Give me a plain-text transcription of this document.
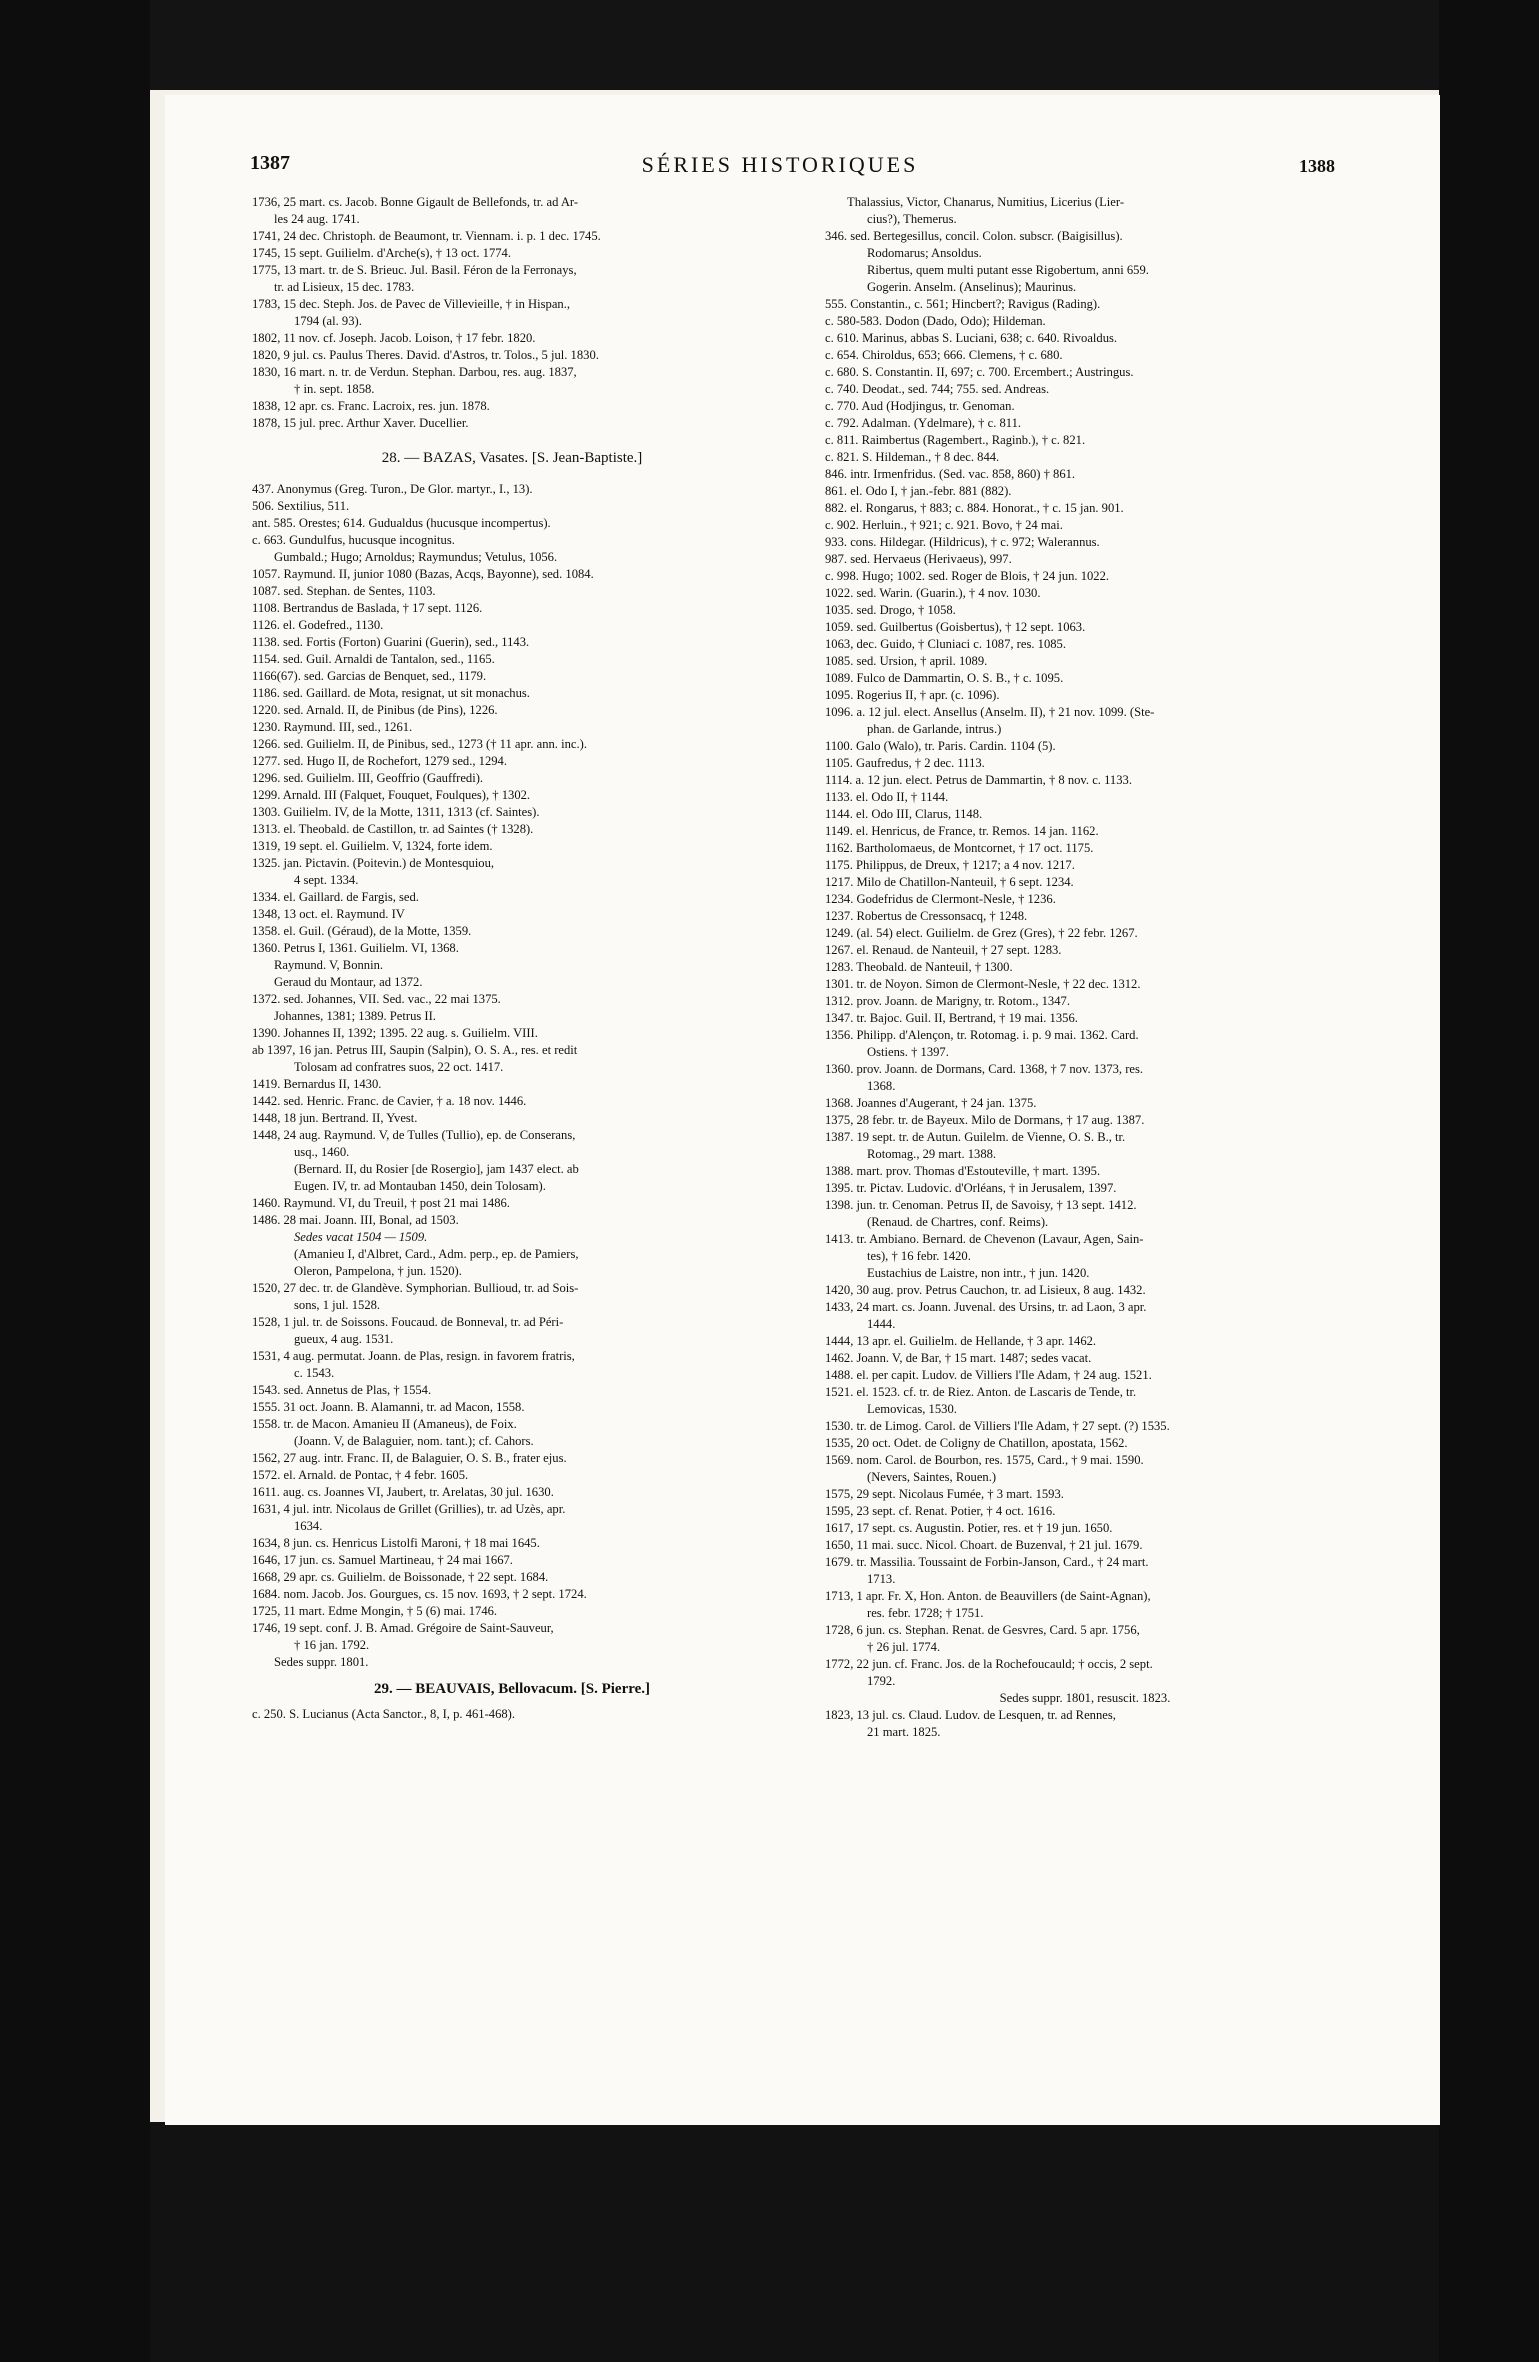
1387	SÉRIES HISTORIQUES	1388
1736, 25 mart. cs. Jacob. Bonne Gigault de Bellefonds, tr. ad Ar-
les 24 aug. 1741.
1741, 24 dec. Christoph. de Beaumont, tr. Viennam. i. p. 1 dec. 1745.
1745, 15 sept. Guilielm. d'Arche(s), † 13 oct. 1774.
1775, 13 mart. tr. de S. Brieuc. Jul. Basil. Féron de la Ferronays,
tr. ad Lisieux, 15 dec. 1783.
1783, 15 dec. Steph. Jos. de Pavec de Villevieille, † in Hispan.,
1794 (al. 93).
1802, 11 nov. cf. Joseph. Jacob. Loison, † 17 febr. 1820.
1820, 9 jul. cs. Paulus Theres. David. d'Astros, tr. Tolos., 5 jul. 1830.
1830, 16 mart. n. tr. de Verdun. Stephan. Darbou, res. aug. 1837,
† in. sept. 1858.
1838, 12 apr. cs. Franc. Lacroix, res. jun. 1878.
1878, 15 jul. prec. Arthur Xaver. Ducellier.
28. — BAZAS, Vasates. [S. Jean-Baptiste.]
437. Anonymus (Greg. Turon., De Glor. martyr., I., 13).
506. Sextilius, 511.
ant. 585. Orestes; 614. Gudualdus (hucusque incompertus).
c. 663. Gundulfus, hucusque incognitus.
Gumbald.; Hugo; Arnoldus; Raymundus; Vetulus, 1056.
1057. Raymund. II, junior 1080 (Bazas, Acqs, Bayonne), sed. 1084.
1087. sed. Stephan. de Sentes, 1103.
1108. Bertrandus de Baslada, † 17 sept. 1126.
1126. el. Godefred., 1130.
1138. sed. Fortis (Forton) Guarini (Guerin), sed., 1143.
1154. sed. Guil. Arnaldi de Tantalon, sed., 1165.
1166(67). sed. Garcias de Benquet, sed., 1179.
1186. sed. Gaillard. de Mota, resignat, ut sit monachus.
1220. sed. Arnald. II, de Pinibus (de Pins), 1226.
1230. Raymund. III, sed., 1261.
1266. sed. Guilielm. II, de Pinibus, sed., 1273 († 11 apr. ann. inc.).
1277. sed. Hugo II, de Rochefort, 1279 sed., 1294.
1296. sed. Guilielm. III, Geoffrio (Gauffredi).
1299. Arnald. III (Falquet, Fouquet, Foulques), † 1302.
1303. Guilielm. IV, de la Motte, 1311, 1313 (cf. Saintes).
1313. el. Theobald. de Castillon, tr. ad Saintes († 1328).
1319, 19 sept. el. Guilielm. V, 1324, forte idem.
1325. jan. Pictavin. (Poitevin.) de Montesquiou,
4 sept. 1334.
1334. el. Gaillard. de Fargis, sed.
1348, 13 oct. el. Raymund. IV
1358. el. Guil. (Géraud), de la Motte, 1359.
1360. Petrus I, 1361. Guilielm. VI, 1368.
Raymund. V, Bonnin.
Geraud du Montaur, ad 1372.
1372. sed. Johannes, VII. Sed. vac., 22 mai 1375.
Johannes, 1381; 1389. Petrus II.
1390. Johannes II, 1392; 1395. 22 aug. s. Guilielm. VIII.
ab 1397, 16 jan. Petrus III, Saupin (Salpin), O. S. A., res. et redit
Tolosam ad confratres suos, 22 oct. 1417.
1419. Bernardus II, 1430.
1442. sed. Henric. Franc. de Cavier, † a. 18 nov. 1446.
1448, 18 jun. Bertrand. II, Yvest.
1448, 24 aug. Raymund. V, de Tulles (Tullio), ep. de Conserans,
usq., 1460.
(Bernard. II, du Rosier [de Rosergio], jam 1437 elect. ab
Eugen. IV, tr. ad Montauban 1450, dein Tolosam).
1460. Raymund. VI, du Treuil, † post 21 mai 1486.
1486. 28 mai. Joann. III, Bonal, ad 1503.
Sedes vacat 1504 — 1509.
(Amanieu I, d'Albret, Card., Adm. perp., ep. de Pamiers,
Oleron, Pampelona, † jun. 1520).
1520, 27 dec. tr. de Glandève. Symphorian. Bullioud, tr. ad Sois-
sons, 1 jul. 1528.
1528, 1 jul. tr. de Soissons. Foucaud. de Bonneval, tr. ad Péri-
gueux, 4 aug. 1531.
1531, 4 aug. permutat. Joann. de Plas, resign. in favorem fratris,
c. 1543.
1543. sed. Annetus de Plas, † 1554.
1555. 31 oct. Joann. B. Alamanni, tr. ad Macon, 1558.
1558. tr. de Macon. Amanieu II (Amaneus), de Foix.
(Joann. V, de Balaguier, nom. tant.); cf. Cahors.
1562, 27 aug. intr. Franc. II, de Balaguier, O. S. B., frater ejus.
1572. el. Arnald. de Pontac, † 4 febr. 1605.
1611. aug. cs. Joannes VI, Jaubert, tr. Arelatas, 30 jul. 1630.
1631, 4 jul. intr. Nicolaus de Grillet (Grillies), tr. ad Uzès, apr.
1634.
1634, 8 jun. cs. Henricus Listolfi Maroni, † 18 mai 1645.
1646, 17 jun. cs. Samuel Martineau, † 24 mai 1667.
1668, 29 apr. cs. Guilielm. de Boissonade, † 22 sept. 1684.
1684. nom. Jacob. Jos. Gourgues, cs. 15 nov. 1693, † 2 sept. 1724.
1725, 11 mart. Edme Mongin, † 5 (6) mai. 1746.
1746, 19 sept. conf. J. B. Amad. Grégoire de Saint-Sauveur,
† 16 jan. 1792.
Sedes suppr. 1801.
29. — BEAUVAIS, Bellovacum. [S. Pierre.]
c. 250. S. Lucianus (Acta Sanctor., 8, I, p. 461-468).
Thalassius, Victor, Chanarus, Numitius, Licerius (Lier-
cius?), Themerus.
346. sed. Bertegesillus, concil. Colon. subscr. (Baigisillus).
Rodomarus; Ansoldus.
Ribertus, quem multi putant esse Rigobertum, anni 659.
Gogerin. Anselm. (Anselinus); Maurinus.
555. Constantin., c. 561; Hincbert?; Ravigus (Rading).
c. 580-583. Dodon (Dado, Odo); Hildeman.
c. 610. Marinus, abbas S. Luciani, 638; c. 640. Rivoaldus.
c. 654. Chiroldus, 653; 666. Clemens, † c. 680.
c. 680. S. Constantin. II, 697; c. 700. Ercembert.; Austringus.
c. 740. Deodat., sed. 744; 755. sed. Andreas.
c. 770. Aud (Hodjingus, tr. Genoman.
c. 792. Adalman. (Ydelmare), † c. 811.
c. 811. Raimbertus (Ragembert., Raginb.), † c. 821.
c. 821. S. Hildeman., † 8 dec. 844.
846. intr. Irmenfridus. (Sed. vac. 858, 860) † 861.
861. el. Odo I, † jan.-febr. 881 (882).
882. el. Rongarus, † 883; c. 884. Honorat., † c. 15 jan. 901.
c. 902. Herluin., † 921; c. 921. Bovo, † 24 mai.
933. cons. Hildegar. (Hildricus), † c. 972; Walerannus.
987. sed. Hervaeus (Herivaeus), 997.
c. 998. Hugo; 1002. sed. Roger de Blois, † 24 jun. 1022.
1022. sed. Warin. (Guarin.), † 4 nov. 1030.
1035. sed. Drogo, † 1058.
1059. sed. Guilbertus (Goisbertus), † 12 sept. 1063.
1063, dec. Guido, † Cluniaci c. 1087, res. 1085.
1085. sed. Ursion, † april. 1089.
1089. Fulco de Dammartin, O. S. B., † c. 1095.
1095. Rogerius II, † apr. (c. 1096).
1096. a. 12 jul. elect. Ansellus (Anselm. II), † 21 nov. 1099. (Ste-
phan. de Garlande, intrus.)
1100. Galo (Walo), tr. Paris. Cardin. 1104 (5).
1105. Gaufredus, † 2 dec. 1113.
1114. a. 12 jun. elect. Petrus de Dammartin, † 8 nov. c. 1133.
1133. el. Odo II, † 1144.
1144. el. Odo III, Clarus, 1148.
1149. el. Henricus, de France, tr. Remos. 14 jan. 1162.
1162. Bartholomaeus, de Montcornet, † 17 oct. 1175.
1175. Philippus, de Dreux, † 1217; a 4 nov. 1217.
1217. Milo de Chatillon-Nanteuil, † 6 sept. 1234.
1234. Godefridus de Clermont-Nesle, † 1236.
1237. Robertus de Cressonsacq, † 1248.
1249. (al. 54) elect. Guilielm. de Grez (Gres), † 22 febr. 1267.
1267. el. Renaud. de Nanteuil, † 27 sept. 1283.
1283. Theobald. de Nanteuil, † 1300.
1301. tr. de Noyon. Simon de Clermont-Nesle, † 22 dec. 1312.
1312. prov. Joann. de Marigny, tr. Rotom., 1347.
1347. tr. Bajoc. Guil. II, Bertrand, † 19 mai. 1356.
1356. Philipp. d'Alençon, tr. Rotomag. i. p. 9 mai. 1362. Card.
Ostiens. † 1397.
1360. prov. Joann. de Dormans, Card. 1368, † 7 nov. 1373, res.
1368.
1368. Joannes d'Augerant, † 24 jan. 1375.
1375, 28 febr. tr. de Bayeux. Milo de Dormans, † 17 aug. 1387.
1387. 19 sept. tr. de Autun. Guilelm. de Vienne, O. S. B., tr.
Rotomag., 29 mart. 1388.
1388. mart. prov. Thomas d'Estouteville, † mart. 1395.
1395. tr. Pictav. Ludovic. d'Orléans, † in Jerusalem, 1397.
1398. jun. tr. Cenoman. Petrus II, de Savoisy, † 13 sept. 1412.
(Renaud. de Chartres, conf. Reims).
1413. tr. Ambiano. Bernard. de Chevenon (Lavaur, Agen, Sain-
tes), † 16 febr. 1420.
Eustachius de Laistre, non intr., † jun. 1420.
1420, 30 aug. prov. Petrus Cauchon, tr. ad Lisieux, 8 aug. 1432.
1433, 24 mart. cs. Joann. Juvenal. des Ursins, tr. ad Laon, 3 apr.
1444.
1444, 13 apr. el. Guilielm. de Hellande, † 3 apr. 1462.
1462. Joann. V, de Bar, † 15 mart. 1487; sedes vacat.
1488. el. per capit. Ludov. de Villiers l'Ile Adam, † 24 aug. 1521.
1521. el. 1523. cf. tr. de Riez. Anton. de Lascaris de Tende, tr.
Lemovicas, 1530.
1530. tr. de Limog. Carol. de Villiers l'Ile Adam, † 27 sept. (?) 1535.
1535, 20 oct. Odet. de Coligny de Chatillon, apostata, 1562.
1569. nom. Carol. de Bourbon, res. 1575, Card., † 9 mai. 1590.
(Nevers, Saintes, Rouen.)
1575, 29 sept. Nicolaus Fumée, † 3 mart. 1593.
1595, 23 sept. cf. Renat. Potier, † 4 oct. 1616.
1617, 17 sept. cs. Augustin. Potier, res. et † 19 jun. 1650.
1650, 11 mai. succ. Nicol. Choart. de Buzenval, † 21 jul. 1679.
1679. tr. Massilia. Toussaint de Forbin-Janson, Card., † 24 mart.
1713.
1713, 1 apr. Fr. X, Hon. Anton. de Beauvillers (de Saint-Agnan),
res. febr. 1728; † 1751.
1728, 6 jun. cs. Stephan. Renat. de Gesvres, Card. 5 apr. 1756,
† 26 jul. 1774.
1772, 22 jun. cf. Franc. Jos. de la Rochefoucauld; † occis, 2 sept.
1792.
Sedes suppr. 1801, resuscit. 1823.
1823, 13 jul. cs. Claud. Ludov. de Lesquen, tr. ad Rennes,
21 mart. 1825.
